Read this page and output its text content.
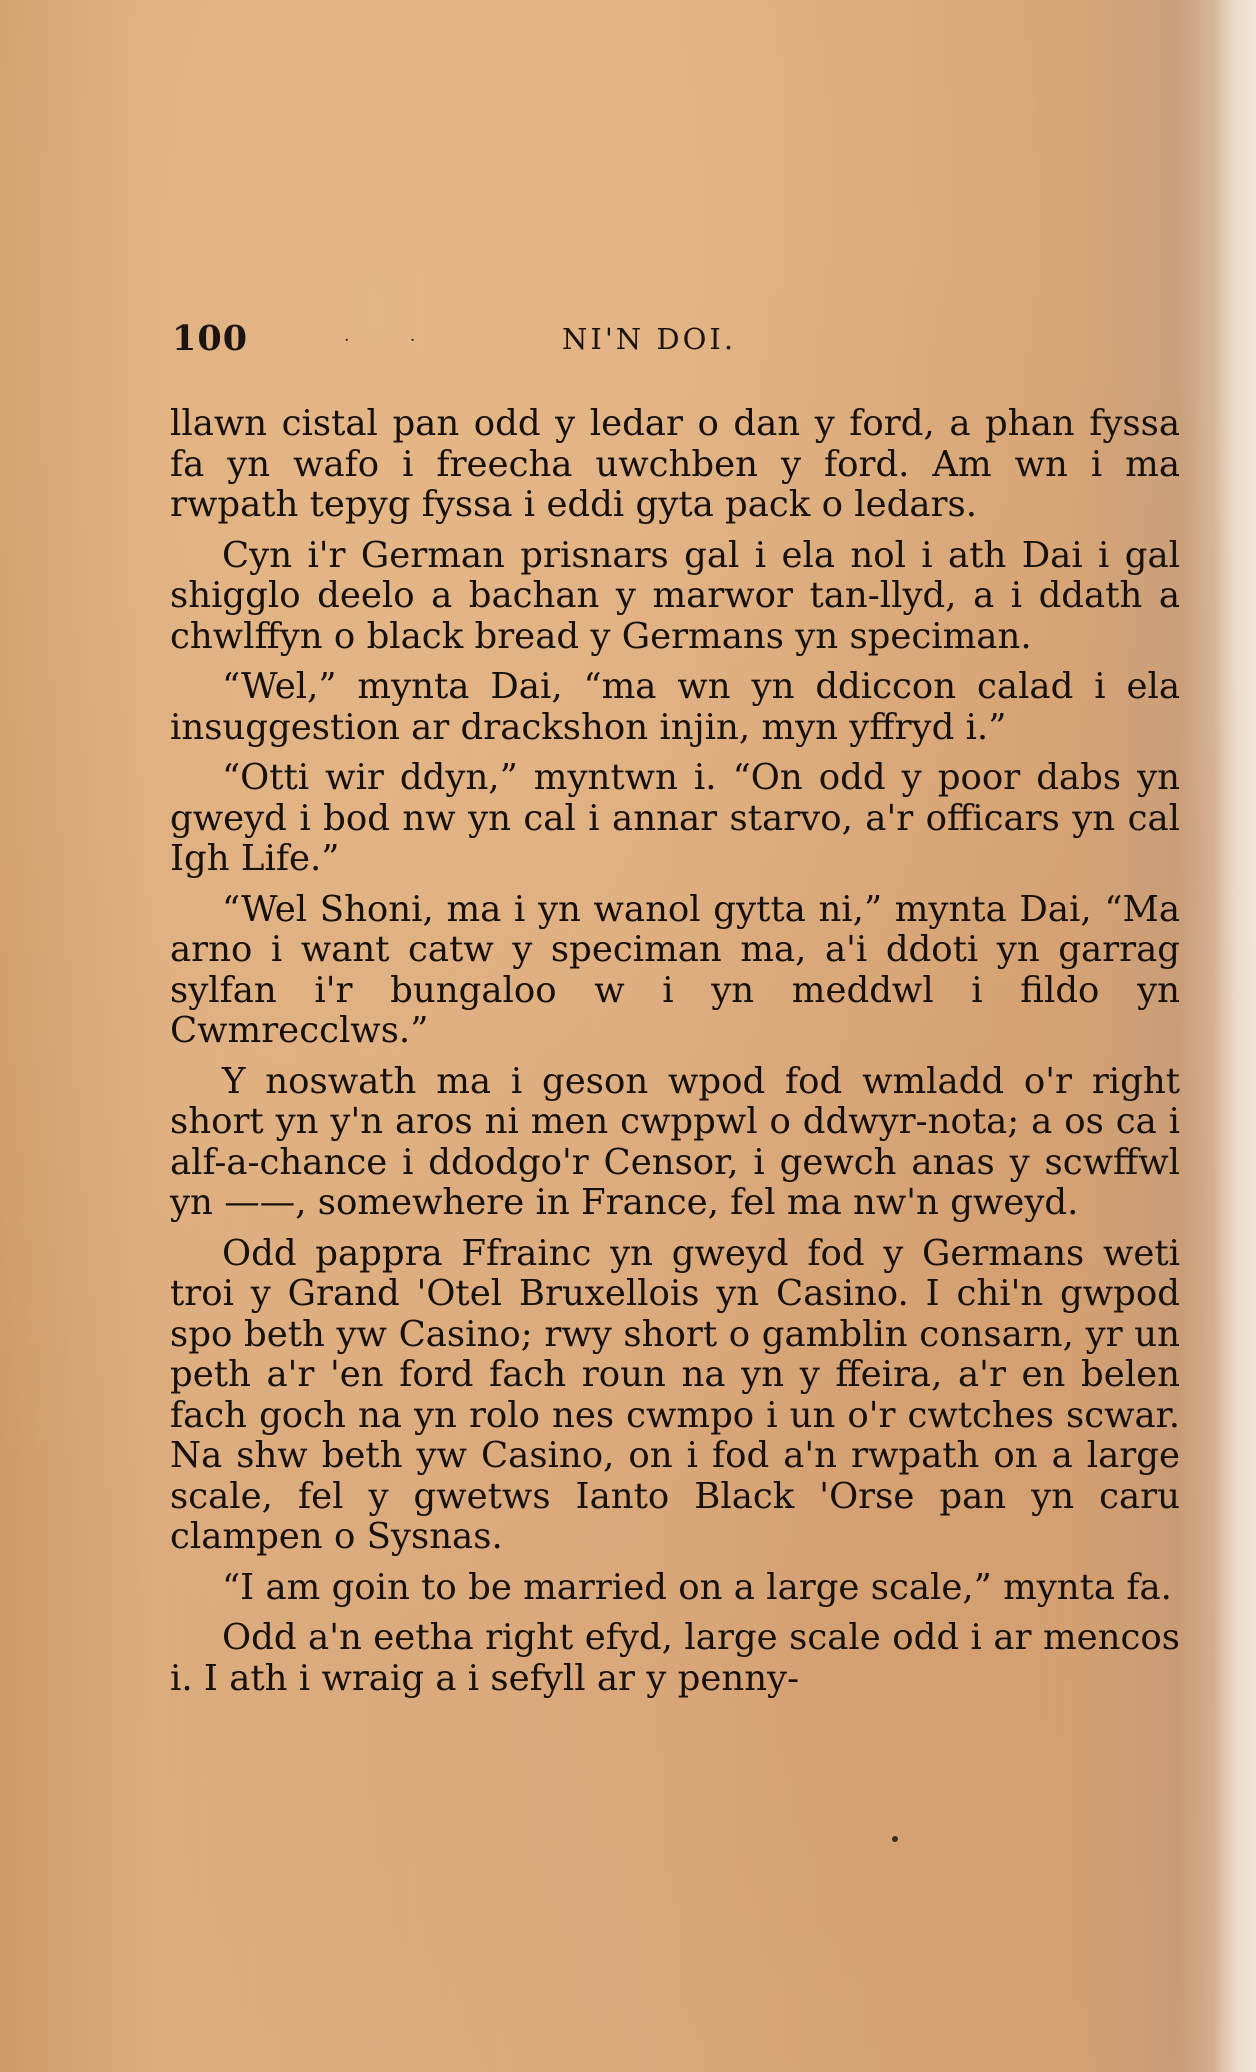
100	··	NI'N DOI.

llawn cistal pan odd y ledar o dan y ford, a phan fyssa fa yn wafo i freecha uwchben y ford. Am wn i ma rwpath tepyg fyssa i eddi gyta pack o ledars.

Cyn i'r German prisnars gal i ela nol i ath Dai i gal shigglo deelo a bachan y marwor tan-llyd, a i ddath a chwlffyn o black bread y Germans yn speciman.

“Wel,” mynta Dai, “ma wn yn ddiccon calad i ela insuggestion ar drackshon injin, myn yffryd i.”

“Otti wir ddyn,” myntwn i. “On odd y poor dabs yn gweyd i bod nw yn cal i annar starvo, a'r officars yn cal Igh Life.”

“Wel Shoni, ma i yn wanol gytta ni,” mynta Dai, “Ma arno i want catw y speciman ma, a'i ddoti yn garrag sylfan i'r bungaloo w i yn meddwl i fildo yn Cwmrecclws.”

Y noswath ma i geson wpod fod wmladd o'r right short yn y'n aros ni men cwppwl o ddwyr-nota; a os ca i alf-a-chance i ddodgo'r Censor, i gewch anas y scwffwl yn ——, somewhere in France, fel ma nw'n gweyd.

Odd pappra Ffrainc yn gweyd fod y Germans weti troi y Grand 'Otel Bruxellois yn Casino. I chi'n gwpod spo beth yw Casino; rwy short o gamblin consarn, yr un peth a'r 'en ford fach roun na yn y ffeira, a'r en belen fach goch na yn rolo nes cwmpo i un o'r cwtches scwar. Na shw beth yw Casino, on i fod a'n rwpath on a large scale, fel y gwetws Ianto Black 'Orse pan yn caru clampen o Sysnas.

“I am goin to be married on a large scale,” mynta fa.

Odd a'n eetha right efyd, large scale odd i ar mencos i. I ath i wraig a i sefyll ar y penny-
